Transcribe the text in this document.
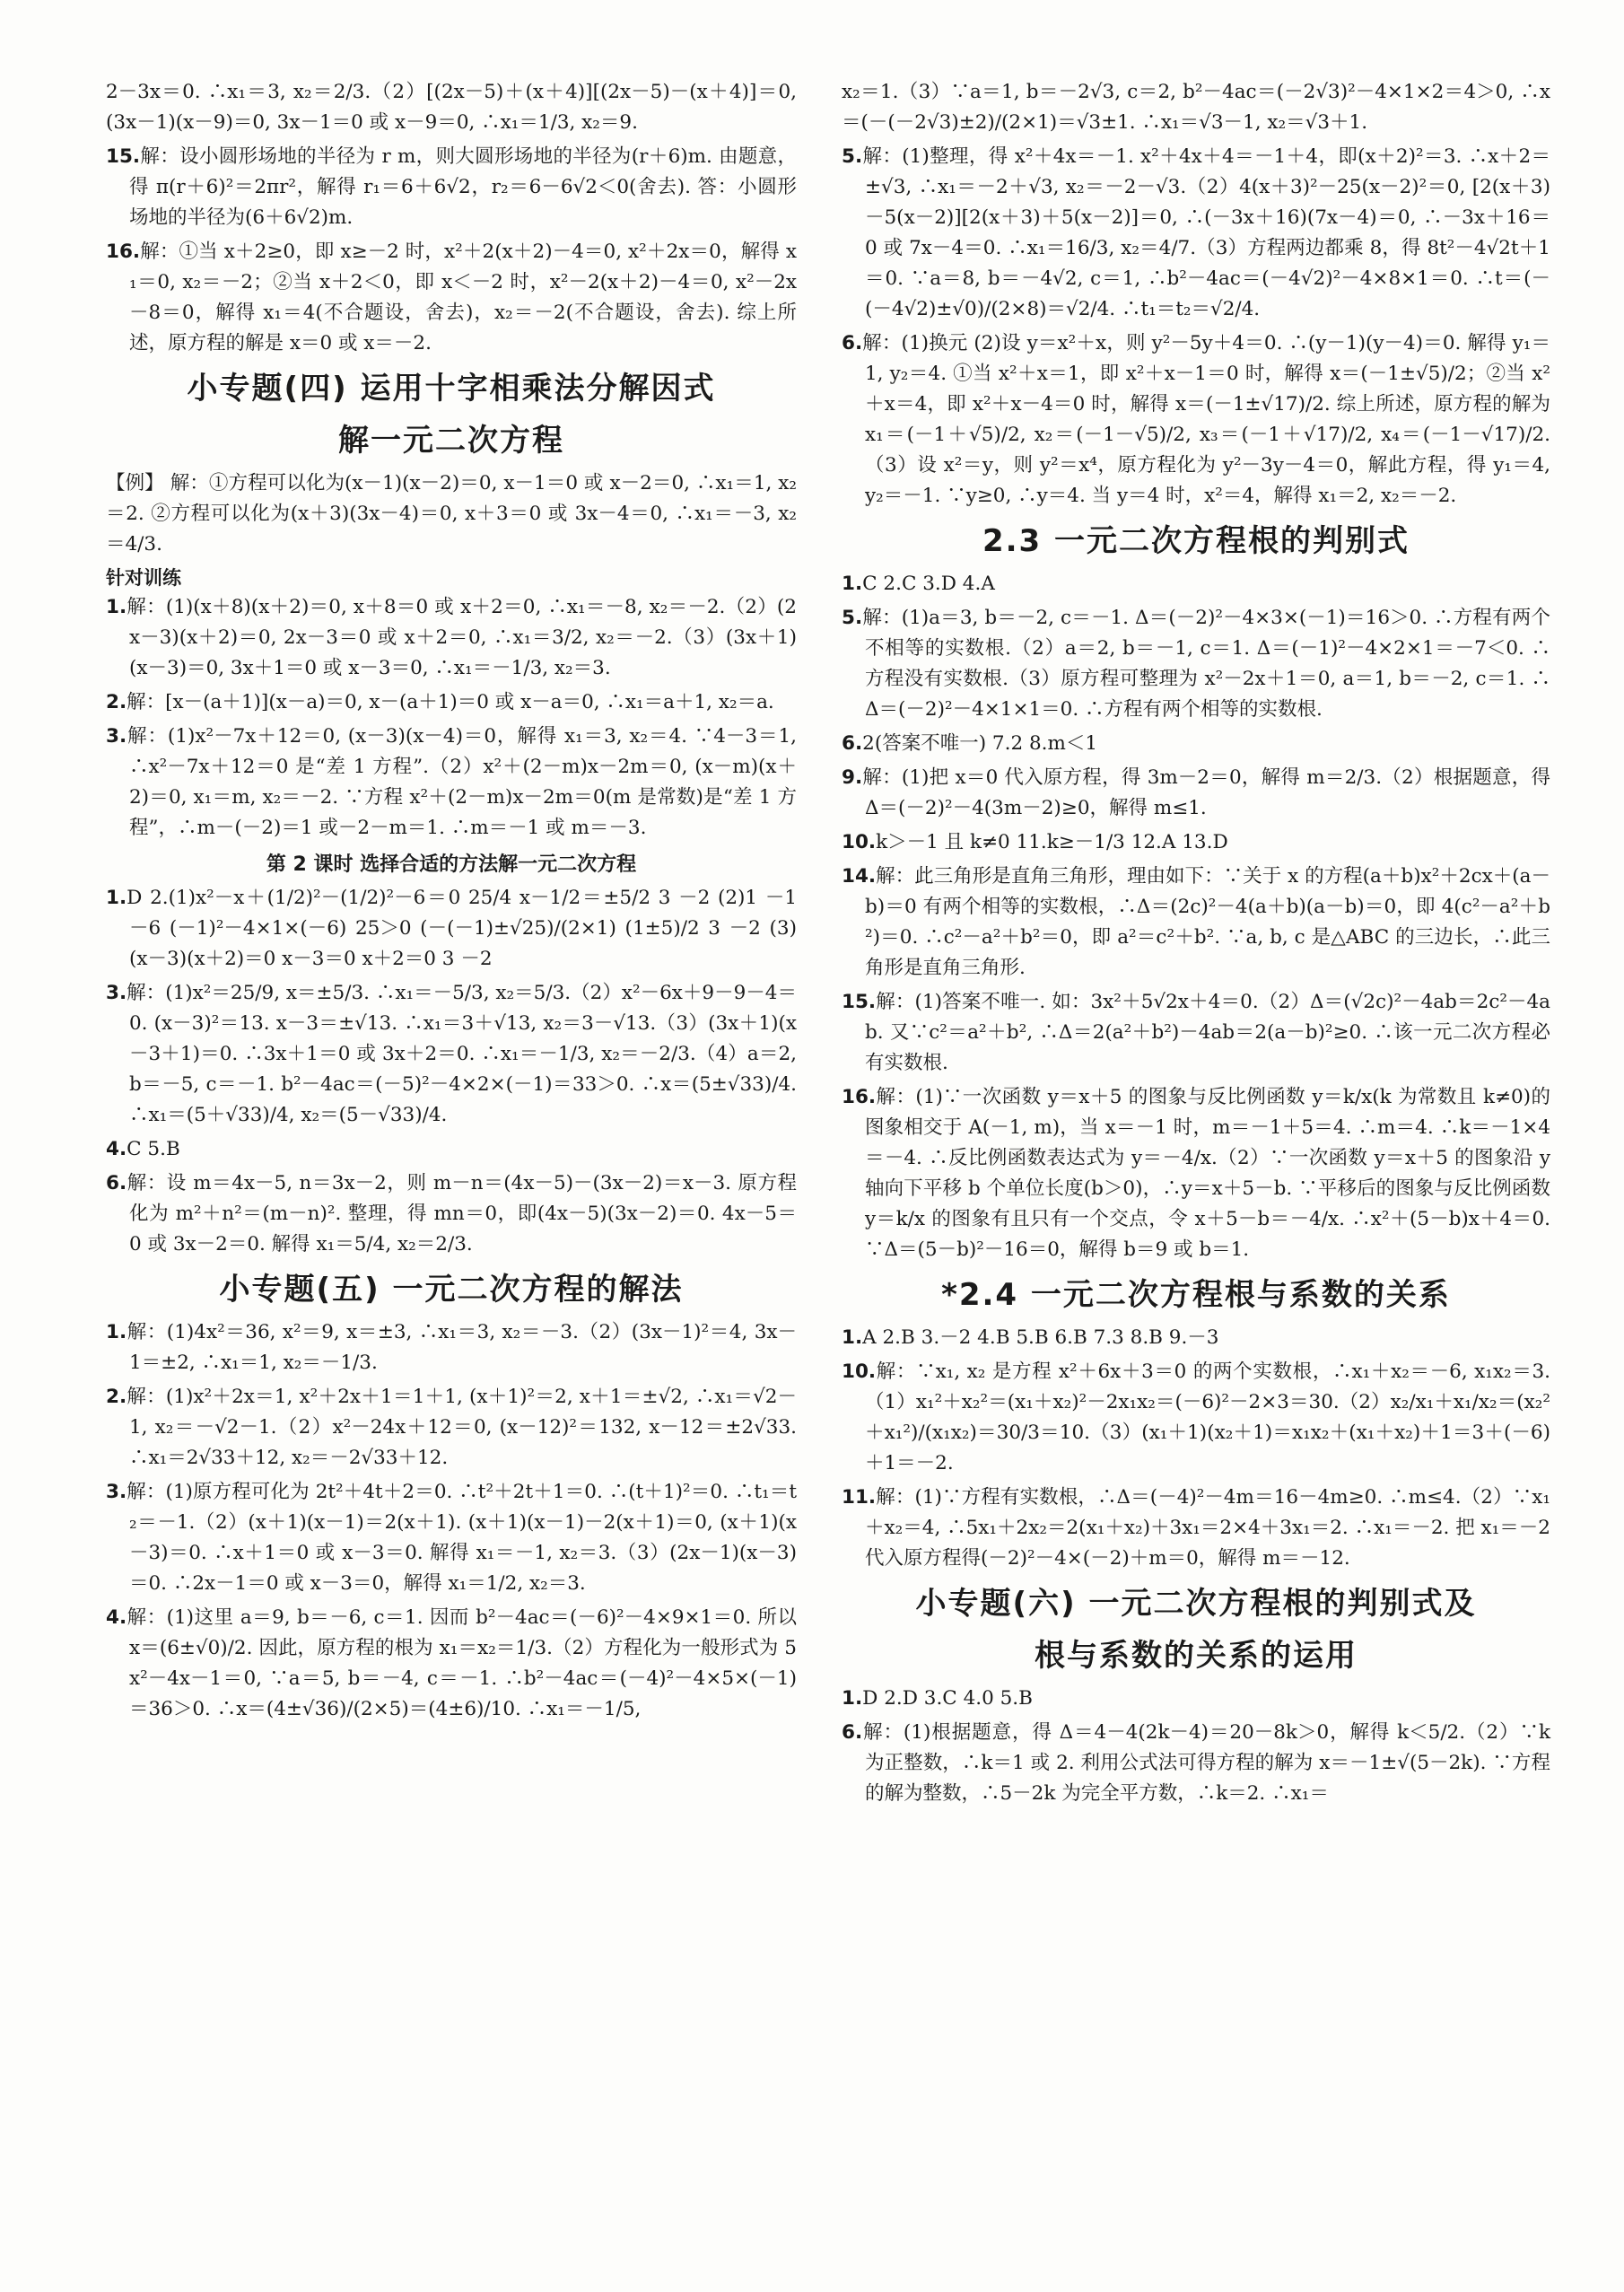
2－3x＝0. ∴x₁＝3, x₂＝2/3.（2）[(2x－5)＋(x＋4)][(2x－5)－(x＋4)]＝0, (3x－1)(x－9)＝0, 3x－1＝0 或 x－9＝0, ∴x₁＝1/3, x₂＝9.
15.解：设小圆形场地的半径为 r m，则大圆形场地的半径为(r＋6)m. 由题意，得 π(r＋6)²＝2πr²，解得 r₁＝6＋6√2，r₂＝6－6√2＜0(舍去). 答：小圆形场地的半径为(6＋6√2)m.
16.解：①当 x＋2≥0，即 x≥－2 时，x²＋2(x＋2)－4＝0, x²＋2x＝0，解得 x₁＝0, x₂＝－2；②当 x＋2＜0，即 x＜－2 时，x²－2(x＋2)－4＝0, x²－2x－8＝0，解得 x₁＝4(不合题设，舍去)，x₂＝－2(不合题设，舍去). 综上所述，原方程的解是 x＝0 或 x＝－2.
小专题(四) 运用十字相乘法分解因式
解一元二次方程
【例】 解：①方程可以化为(x－1)(x－2)＝0, x－1＝0 或 x－2＝0, ∴x₁＝1, x₂＝2. ②方程可以化为(x＋3)(3x－4)＝0, x＋3＝0 或 3x－4＝0, ∴x₁＝－3, x₂＝4/3.
针对训练
1.解：(1)(x＋8)(x＋2)＝0, x＋8＝0 或 x＋2＝0, ∴x₁＝－8, x₂＝－2.（2）(2x－3)(x＋2)＝0, 2x－3＝0 或 x＋2＝0, ∴x₁＝3/2, x₂＝－2.（3）(3x＋1)(x－3)＝0, 3x＋1＝0 或 x－3＝0, ∴x₁＝－1/3, x₂＝3.
2.解：[x－(a＋1)](x－a)＝0, x－(a＋1)＝0 或 x－a＝0, ∴x₁＝a＋1, x₂＝a.
3.解：(1)x²－7x＋12＝0, (x－3)(x－4)＝0，解得 x₁＝3, x₂＝4. ∵4－3＝1, ∴x²－7x＋12＝0 是“差 1 方程”.（2）x²＋(2－m)x－2m＝0, (x－m)(x＋2)＝0, x₁＝m, x₂＝－2. ∵方程 x²＋(2－m)x－2m＝0(m 是常数)是“差 1 方程”，∴m－(－2)＝1 或－2－m＝1. ∴m＝－1 或 m＝－3.
第 2 课时 选择合适的方法解一元二次方程
1.D 2.(1)x²－x＋(1/2)²－(1/2)²－6＝0 25/4 x－1/2＝±5/2 3 －2 (2)1 －1 －6 (－1)²－4×1×(－6) 25＞0 (－(－1)±√25)/(2×1) (1±5)/2 3 －2 (3)(x－3)(x＋2)＝0 x－3＝0 x＋2＝0 3 －2
3.解：(1)x²＝25/9, x＝±5/3. ∴x₁＝－5/3, x₂＝5/3.（2）x²－6x＋9－9－4＝0. (x－3)²＝13. x－3＝±√13. ∴x₁＝3＋√13, x₂＝3－√13.（3）(3x＋1)(x－3＋1)＝0. ∴3x＋1＝0 或 3x＋2＝0. ∴x₁＝－1/3, x₂＝－2/3.（4）a＝2, b＝－5, c＝－1. b²－4ac＝(－5)²－4×2×(－1)＝33＞0. ∴x＝(5±√33)/4. ∴x₁＝(5＋√33)/4, x₂＝(5－√33)/4.
4.C 5.B
6.解：设 m＝4x－5, n＝3x－2，则 m－n＝(4x－5)－(3x－2)＝x－3. 原方程化为 m²＋n²＝(m－n)². 整理，得 mn＝0，即(4x－5)(3x－2)＝0. 4x－5＝0 或 3x－2＝0. 解得 x₁＝5/4, x₂＝2/3.
小专题(五) 一元二次方程的解法
1.解：(1)4x²＝36, x²＝9, x＝±3, ∴x₁＝3, x₂＝－3.（2）(3x－1)²＝4, 3x－1＝±2, ∴x₁＝1, x₂＝－1/3.
2.解：(1)x²＋2x＝1, x²＋2x＋1＝1＋1, (x＋1)²＝2, x＋1＝±√2, ∴x₁＝√2－1, x₂＝－√2－1.（2）x²－24x＋12＝0, (x－12)²＝132, x－12＝±2√33. ∴x₁＝2√33＋12, x₂＝－2√33＋12.
3.解：(1)原方程可化为 2t²＋4t＋2＝0. ∴t²＋2t＋1＝0. ∴(t＋1)²＝0. ∴t₁＝t₂＝－1.（2）(x＋1)(x－1)＝2(x＋1). (x＋1)(x－1)－2(x＋1)＝0, (x＋1)(x－3)＝0. ∴x＋1＝0 或 x－3＝0. 解得 x₁＝－1, x₂＝3.（3）(2x－1)(x－3)＝0. ∴2x－1＝0 或 x－3＝0，解得 x₁＝1/2, x₂＝3.
4.解：(1)这里 a＝9, b＝－6, c＝1. 因而 b²－4ac＝(－6)²－4×9×1＝0. 所以 x＝(6±√0)/2. 因此，原方程的根为 x₁＝x₂＝1/3.（2）方程化为一般形式为 5x²－4x－1＝0, ∵a＝5, b＝－4, c＝－1. ∴b²－4ac＝(－4)²－4×5×(－1)＝36＞0. ∴x＝(4±√36)/(2×5)＝(4±6)/10. ∴x₁＝－1/5,
x₂＝1.（3）∵a＝1, b＝－2√3, c＝2, b²－4ac＝(－2√3)²－4×1×2＝4＞0, ∴x＝(－(－2√3)±2)/(2×1)＝√3±1. ∴x₁＝√3－1, x₂＝√3＋1.
5.解：(1)整理，得 x²＋4x＝－1. x²＋4x＋4＝－1＋4，即(x＋2)²＝3. ∴x＋2＝±√3, ∴x₁＝－2＋√3, x₂＝－2－√3.（2）4(x＋3)²－25(x－2)²＝0, [2(x＋3)－5(x－2)][2(x＋3)＋5(x－2)]＝0, ∴(－3x＋16)(7x－4)＝0, ∴－3x＋16＝0 或 7x－4＝0. ∴x₁＝16/3, x₂＝4/7.（3）方程两边都乘 8，得 8t²－4√2t＋1＝0. ∵a＝8, b＝－4√2, c＝1, ∴b²－4ac＝(－4√2)²－4×8×1＝0. ∴t＝(－(－4√2)±√0)/(2×8)＝√2/4. ∴t₁＝t₂＝√2/4.
6.解：(1)换元 (2)设 y＝x²＋x，则 y²－5y＋4＝0. ∴(y－1)(y－4)＝0. 解得 y₁＝1, y₂＝4. ①当 x²＋x＝1，即 x²＋x－1＝0 时，解得 x＝(－1±√5)/2；②当 x²＋x＝4，即 x²＋x－4＝0 时，解得 x＝(－1±√17)/2. 综上所述，原方程的解为 x₁＝(－1＋√5)/2, x₂＝(－1－√5)/2, x₃＝(－1＋√17)/2, x₄＝(－1－√17)/2.（3）设 x²＝y，则 y²＝x⁴，原方程化为 y²－3y－4＝0，解此方程，得 y₁＝4, y₂＝－1. ∵y≥0, ∴y＝4. 当 y＝4 时，x²＝4，解得 x₁＝2, x₂＝－2.
2.3 一元二次方程根的判别式
1.C 2.C 3.D 4.A
5.解：(1)a＝3, b＝－2, c＝－1. Δ＝(－2)²－4×3×(－1)＝16＞0. ∴方程有两个不相等的实数根.（2）a＝2, b＝－1, c＝1. Δ＝(－1)²－4×2×1＝－7＜0. ∴方程没有实数根.（3）原方程可整理为 x²－2x＋1＝0, a＝1, b＝－2, c＝1. ∴Δ＝(－2)²－4×1×1＝0. ∴方程有两个相等的实数根.
6.2(答案不唯一) 7.2 8.m＜1
9.解：(1)把 x＝0 代入原方程，得 3m－2＝0，解得 m＝2/3.（2）根据题意，得 Δ＝(－2)²－4(3m－2)≥0，解得 m≤1.
10.k＞－1 且 k≠0 11.k≥－1/3 12.A 13.D
14.解：此三角形是直角三角形，理由如下：∵关于 x 的方程(a＋b)x²＋2cx＋(a－b)＝0 有两个相等的实数根，∴Δ＝(2c)²－4(a＋b)(a－b)＝0，即 4(c²－a²＋b²)＝0. ∴c²－a²＋b²＝0，即 a²＝c²＋b². ∵a, b, c 是△ABC 的三边长，∴此三角形是直角三角形.
15.解：(1)答案不唯一. 如：3x²＋5√2x＋4＝0.（2）Δ＝(√2c)²－4ab＝2c²－4ab. 又∵c²＝a²＋b², ∴Δ＝2(a²＋b²)－4ab＝2(a－b)²≥0. ∴该一元二次方程必有实数根.
16.解：(1)∵一次函数 y＝x＋5 的图象与反比例函数 y＝k/x(k 为常数且 k≠0)的图象相交于 A(－1, m)，当 x＝－1 时，m＝－1＋5＝4. ∴m＝4. ∴k＝－1×4＝－4. ∴反比例函数表达式为 y＝－4/x.（2）∵一次函数 y＝x＋5 的图象沿 y 轴向下平移 b 个单位长度(b＞0)，∴y＝x＋5－b. ∵平移后的图象与反比例函数 y＝k/x 的图象有且只有一个交点，令 x＋5－b＝－4/x. ∴x²＋(5－b)x＋4＝0. ∵Δ＝(5－b)²－16＝0，解得 b＝9 或 b＝1.
*2.4 一元二次方程根与系数的关系
1.A 2.B 3.－2 4.B 5.B 6.B 7.3 8.B 9.－3
10.解：∵x₁, x₂ 是方程 x²＋6x＋3＝0 的两个实数根，∴x₁＋x₂＝－6, x₁x₂＝3.（1）x₁²＋x₂²＝(x₁＋x₂)²－2x₁x₂＝(－6)²－2×3＝30.（2）x₂/x₁＋x₁/x₂＝(x₂²＋x₁²)/(x₁x₂)＝30/3＝10.（3）(x₁＋1)(x₂＋1)＝x₁x₂＋(x₁＋x₂)＋1＝3＋(－6)＋1＝－2.
11.解：(1)∵方程有实数根，∴Δ＝(－4)²－4m＝16－4m≥0. ∴m≤4.（2）∵x₁＋x₂＝4, ∴5x₁＋2x₂＝2(x₁＋x₂)＋3x₁＝2×4＋3x₁＝2. ∴x₁＝－2. 把 x₁＝－2 代入原方程得(－2)²－4×(－2)＋m＝0，解得 m＝－12.
小专题(六) 一元二次方程根的判别式及
根与系数的关系的运用
1.D 2.D 3.C 4.0 5.B
6.解：(1)根据题意，得 Δ＝4－4(2k－4)＝20－8k＞0，解得 k＜5/2.（2）∵k 为正整数，∴k＝1 或 2. 利用公式法可得方程的解为 x＝－1±√(5－2k). ∵方程的解为整数，∴5－2k 为完全平方数，∴k＝2. ∴x₁＝
